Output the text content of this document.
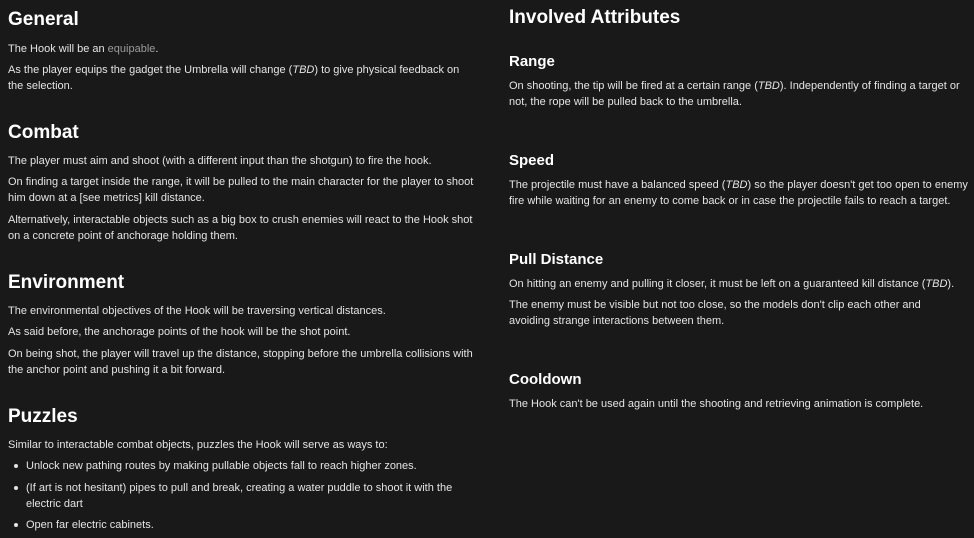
General
The Hook will be an equipable.
As the player equips the gadget the Umbrella will change (TBD) to give physical feedback on the selection.
Combat
The player must aim and shoot (with a different input than the shotgun) to fire the hook.
On finding a target inside the range, it will be pulled to the main character for the player to shoot him down at a [see metrics] kill distance.
Alternatively, interactable objects such as a big box to crush enemies will react to the Hook shot on a concrete point of anchorage holding them.
Environment
The environmental objectives of the Hook will be traversing vertical distances.
As said before, the anchorage points of the hook will be the shot point.
On being shot, the player will travel up the distance, stopping before the umbrella collisions with the anchor point and pushing it a bit forward.
Puzzles
Similar to interactable combat objects, puzzles the Hook will serve as ways to:
Unlock new pathing routes by making pullable objects fall to reach higher zones.
(If art is not hesitant) pipes to pull and break, creating a water puddle to shoot it with the electric dart
Open far electric cabinets.
Involved Attributes
Range
On shooting, the tip will be fired at a certain range (TBD). Independently of finding a target or not, the rope will be pulled back to the umbrella.
Speed
The projectile must have a balanced speed (TBD) so the player doesn't get too open to enemy fire while waiting for an enemy to come back or in case the projectile fails to reach a target.
Pull Distance
On hitting an enemy and pulling it closer, it must be left on a guaranteed kill distance (TBD).
The enemy must be visible but not too close, so the models don't clip each other and avoiding strange interactions between them.
Cooldown
The Hook can't be used again until the shooting and retrieving animation is complete.
